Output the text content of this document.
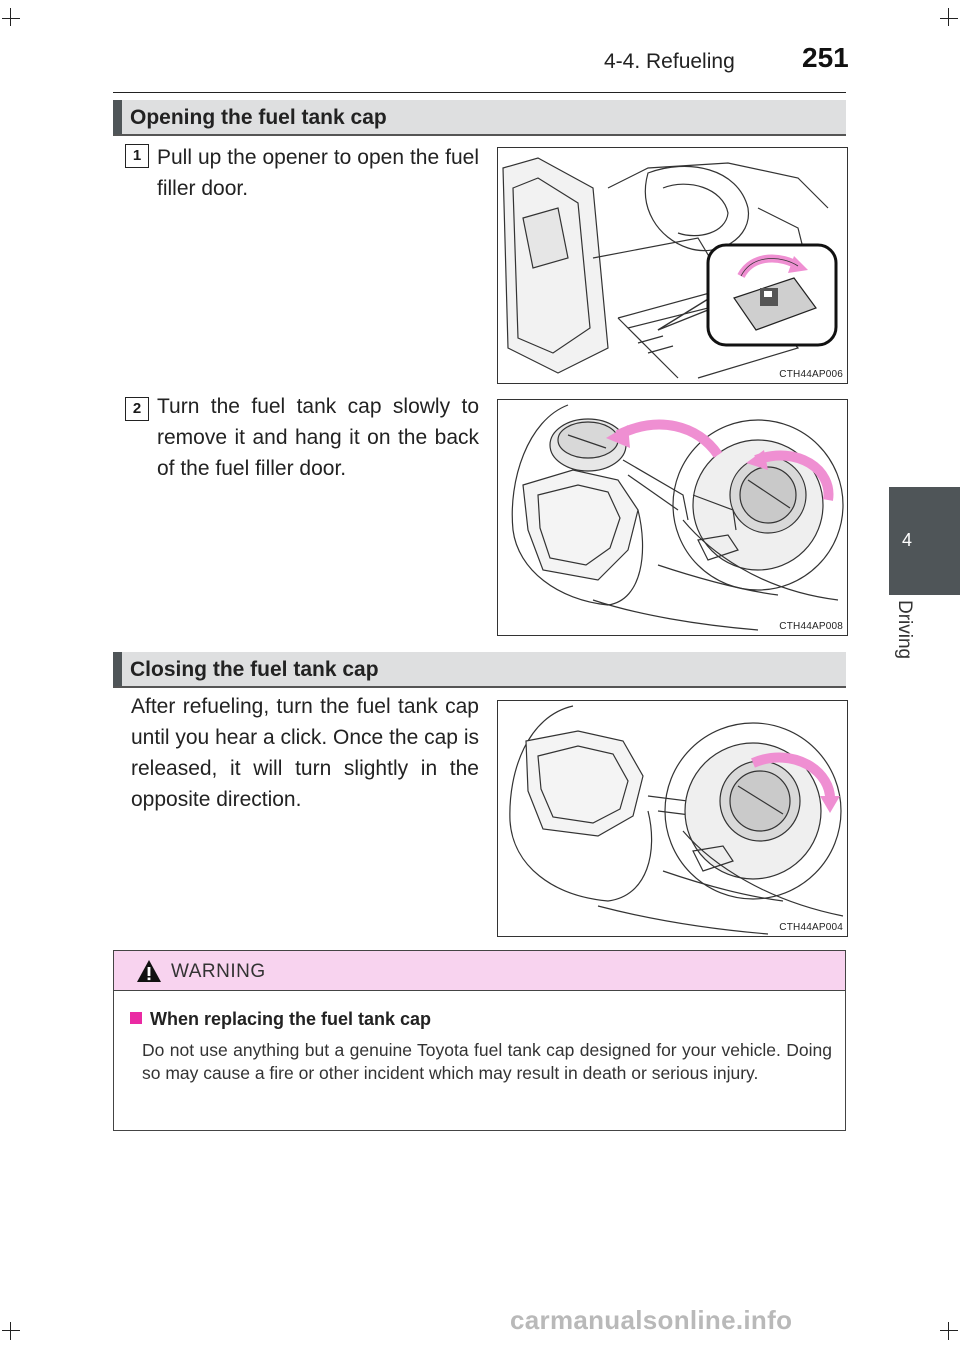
4-4. Refueling 251
4
Driving
Opening the fuel tank cap
1 Pull up the opener to open the fuel filler door.
CTH44AP006
2 Turn the fuel tank cap slowly to remove it and hang it on the back of the fuel filler door.
CTH44AP008
Closing the fuel tank cap
After refueling, turn the fuel tank cap until you hear a click. Once the cap is released, it will turn slightly in the opposite direction.
CTH44AP004
WARNING
When replacing the fuel tank cap
Do not use anything but a genuine Toyota fuel tank cap designed for your vehicle. Doing so may cause a fire or other incident which may result in death or serious injury.
carmanualsonline.info
